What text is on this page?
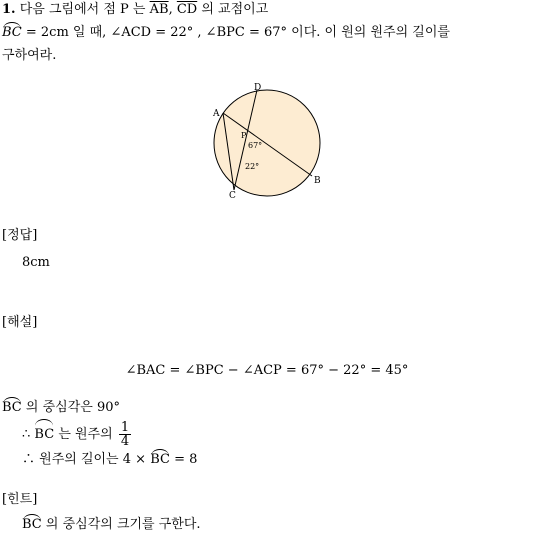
1. 다음 그림에서 점 P 는 $\overline{AB}$, $\overline{CD}$ 의 교점이고
BC = 2cm 일 때, ∠ACD = 22° , ∠BPC = 67° 이다. 이 원의 원주의 길이를
구하여라.
A
B
C
D
P
67°
22°
[정답]
8cm
[해설]
∠BAC = ∠BPC − ∠ACP = 67° − 22° = 45°
BC 의 중심각은 90°
∴ BC 는 원주의 $\frac{1}{4}$
∴ 원주의 길이는 4 × BC = 8
[힌트]
BC 의 중심각의 크기를 구한다.
